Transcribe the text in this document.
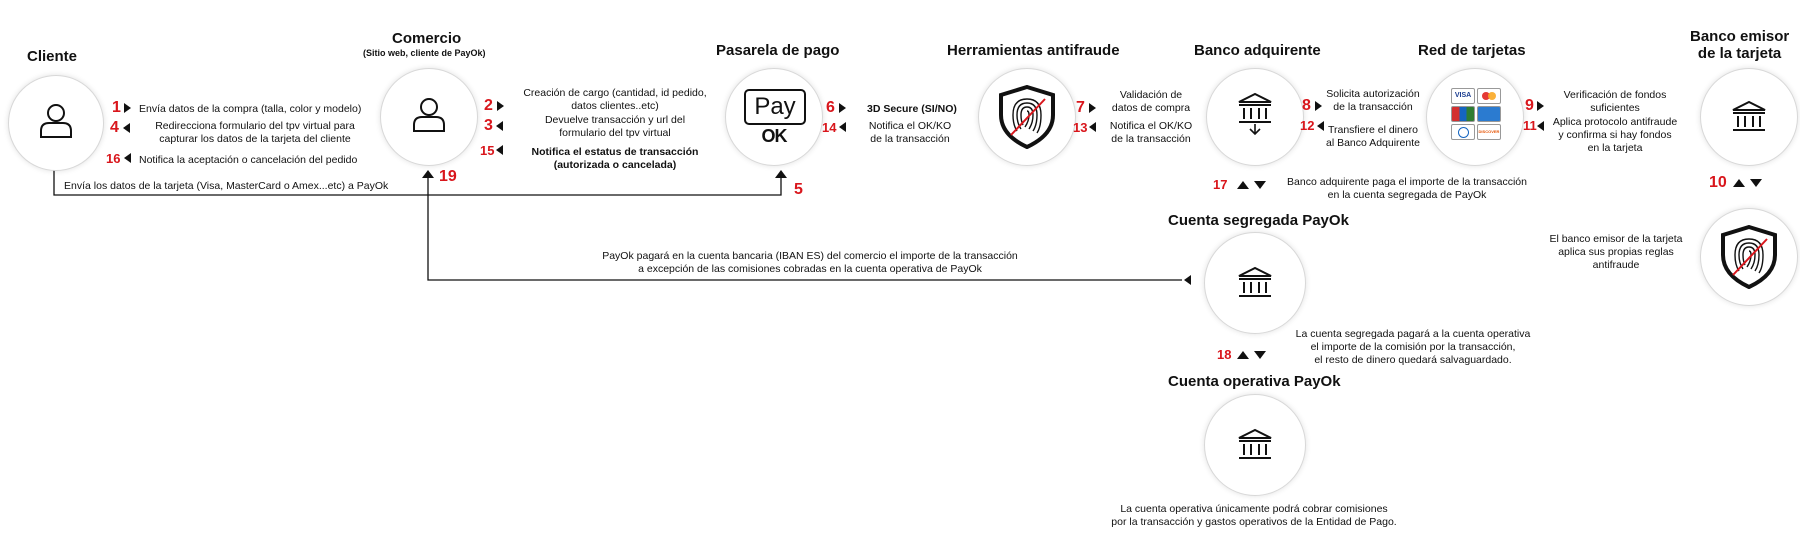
Cliente
1 Envía datos de la compra (talla, color y modelo)
4	Redirecciona formulario del tpv virtual para
capturar los datos de la tarjeta del cliente
16 Notifica la aceptación o cancelación del pedido
Envía los datos de la tarjeta (Visa, MasterCard o Amex...etc) a PayOk	5
Comercio
(Sitio web, cliente de PayOk)
19
2
3
15
Creación de cargo (cantidad, id pedido,
datos clientes..etc)
Devuelve transacción y url del
formulario del tpv virtual
Notifica el estatus de transacción
(autorizada o cancelada)
Pasarela de pago
Pay
OK
6
14
3D Secure (SI/NO)
Notifica el OK/KO
de la transacción
Herramientas antifraude
7
13
Validación de
datos de compra
Notifica el OK/KO
de la transacción
Banco adquirente
8
12
Solicita autorización
de la transacción
Transfiere el dinero
al Banco Adquirente
17	Banco adquirente paga el importe de la transacción
en la cuenta segregada de PayOk
Red de tarjetas
VISA
DISCOVER
9
11
Verificación de fondos
suficientes
Aplica protocolo antifraude
y confirma si hay fondos
en la tarjeta
Banco emisor
de la tarjeta
10
El banco emisor de la tarjeta
aplica sus propias reglas
antifraude
Cuenta segregada PayOk
PayOk pagará en la cuenta bancaria (IBAN ES) del comercio el importe de la transacción
a excepción de las comisiones cobradas en la cuenta operativa de PayOk
18
La cuenta segregada pagará a la cuenta operativa
el importe de la comisión por la transacción,
el resto de dinero quedará salvaguardado.
Cuenta operativa PayOk
La cuenta operativa únicamente podrá cobrar comisiones
por la transacción y gastos operativos de la Entidad de Pago.
